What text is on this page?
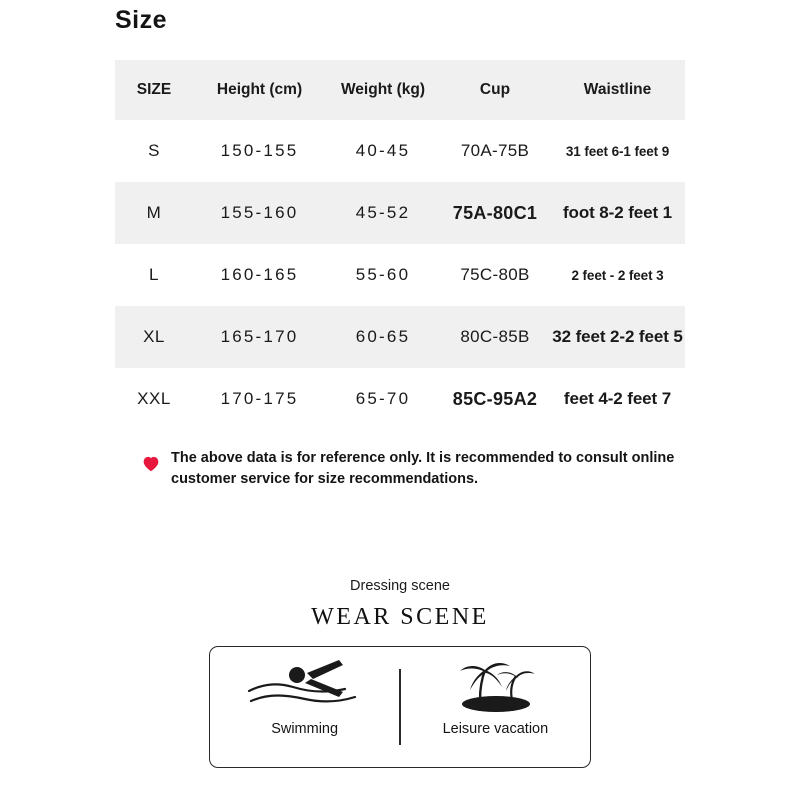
Size
SIZE	Height (cm)	Weight (kg)	Cup	Waistline
S	150-155	40-45	70A-75B	31 feet 6-1 feet 9
M	155-160	45-52	75A-80C1	foot 8-2 feet 1
L	160-165	55-60	75C-80B	2 feet - 2 feet 3
XL	165-170	60-65	80C-85B	32 feet 2-2 feet 5
XXL	170-175	65-70	85C-95A2	feet 4-2 feet 7
The above data is for reference only. It is recommended to consult online customer service for size recommendations.
Dressing scene
WEAR SCENE
Swimming	Leisure vacation
